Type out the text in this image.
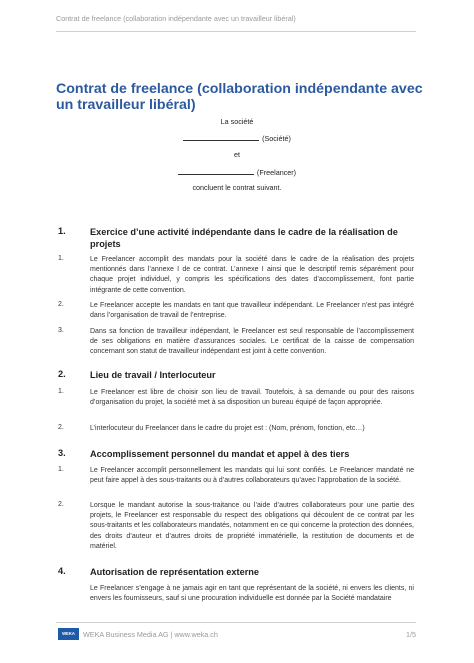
Contrat de freelance (collaboration indépendante avec un travailleur libéral)
Contrat de freelance (collaboration indépendante avec un travailleur libéral)
La société
(Société)
et
(Freelancer)
concluent le contrat suivant.
1.	Exercice d’une activité indépendante dans le cadre de la réalisation de projets
1.	Le Freelancer accomplit des mandats pour la société dans le cadre de la réalisation des projets mentionnés dans l’annexe I de ce contrat. L’annexe I ainsi que le descriptif remis séparément pour chaque projet individuel, y compris les spécifications des dates d’accomplissement, font partie intégrante de cette convention.
2.	Le Freelancer accepte les mandats en tant que travailleur indépendant. Le Freelancer n’est pas intégré dans l’organisation de travail de l’entreprise.
3.	Dans sa fonction de travailleur indépendant, le Freelancer est seul responsable de l’accomplissement de ses obligations en matière d’assurances sociales. Le certificat de la caisse de compensation concernant son statut de travailleur indépendant est joint à cette convention.
2.	Lieu de travail / Interlocuteur
1.	Le Freelancer est libre de choisir son lieu de travail. Toutefois, à sa demande ou pour des raisons d’organisation du projet, la société met à sa disposition un bureau équipé de façon appropriée.
2.	L’interlocuteur du Freelancer dans le cadre du projet est : (Nom, prénom, fonction, etc…)
3.	Accomplissement personnel du mandat et appel à des tiers
1.	Le Freelancer accomplit personnellement les mandats qui lui sont confiés. Le Freelancer mandaté ne peut faire appel à des sous-traitants ou à d’autres collaborateurs qu’avec l’approbation de la société.
2.	Lorsque le mandant autorise la sous-traitance ou l’aide d’autres collaborateurs pour une partie des projets, le Freelancer est responsable du respect des obligations qui découlent de ce contrat par les sous-traitants et les collaborateurs mandatés, notamment en ce qui concerne la protection des données, des droits d’auteur et d’autres droits de propriété immatérielle, la restitution de documents et de matériel.
4.	Autorisation de représentation externe
Le Freelancer s’engage à ne jamais agir en tant que représentant de la société, ni envers les clients, ni envers les fournisseurs, sauf si une procuration individuelle est donnée par la Société mandataire
WEKA	WEKA Business Media AG | www.weka.ch	1/5
